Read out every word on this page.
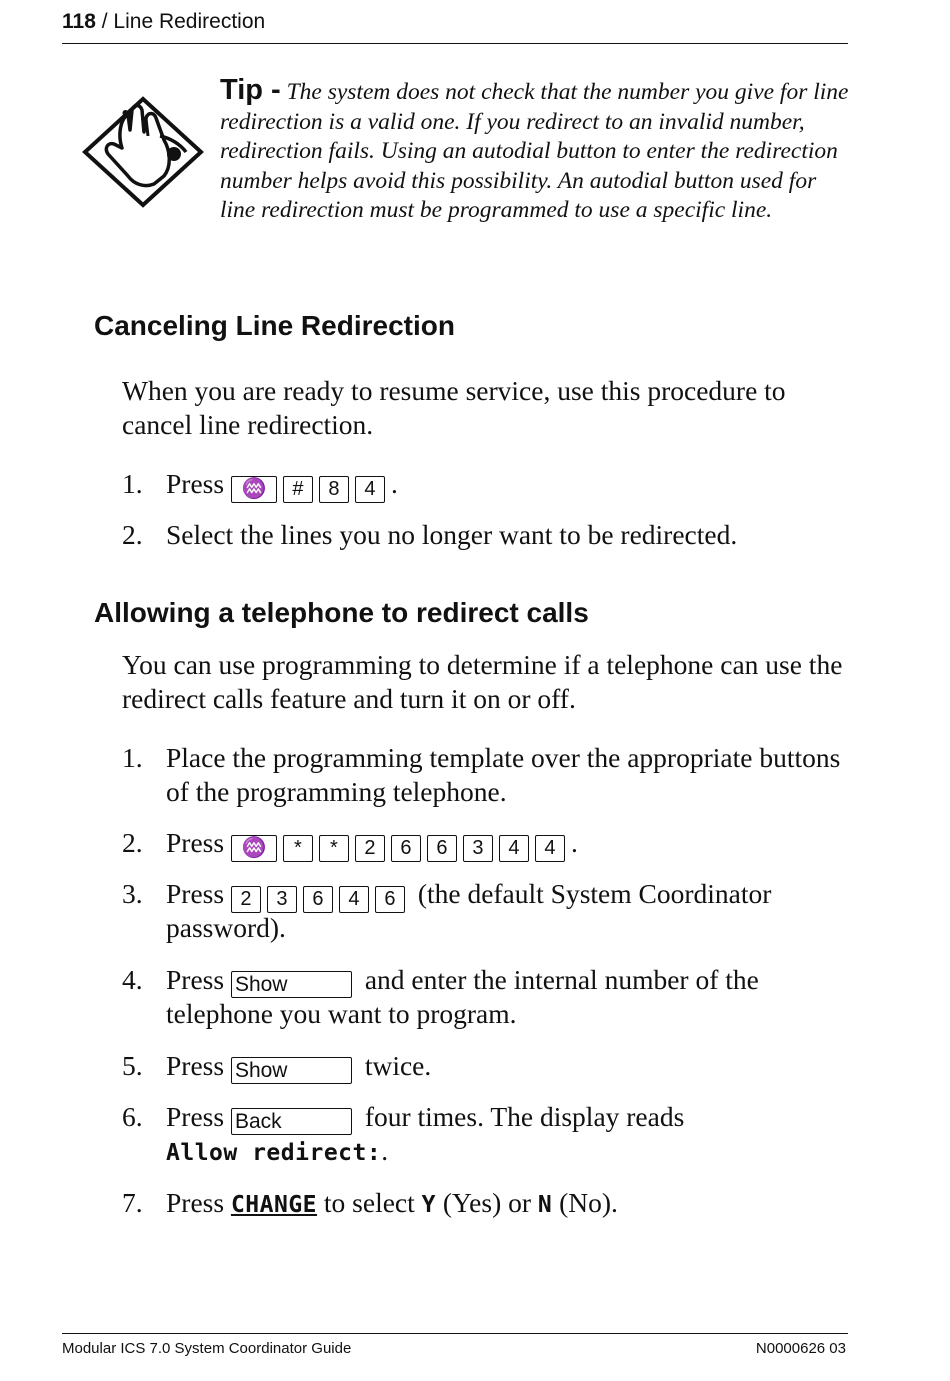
118 / Line Redirection
Tip - The system does not check that the number you give for line redirection is a valid one. If you redirect to an invalid number, redirection fails. Using an autodial button to enter the redirection number helps avoid this possibility. An autodial button used for line redirection must be programmed to use a specific line.
Canceling Line Redirection
When you are ready to resume service, use this procedure to cancel line redirection.
1. Press ♒ # 8 4 .
2. Select the lines you no longer want to be redirected.
Allowing a telephone to redirect calls
You can use programming to determine if a telephone can use the redirect calls feature and turn it on or off.
1. Place the programming template over the appropriate buttons of the programming telephone.
2. Press ♒ * * 2 6 6 3 4 4 .
3. Press 2 3 6 4 6 (the default System Coordinator password).
4. Press Show	and enter the internal number of the telephone you want to program.
5. Press Show	twice.
6. Press Back	four times. The display reads
Allow redirect:.
7. Press CHANGE to select Y (Yes) or N (No).
Modular ICS 7.0 System Coordinator Guide	N0000626 03
